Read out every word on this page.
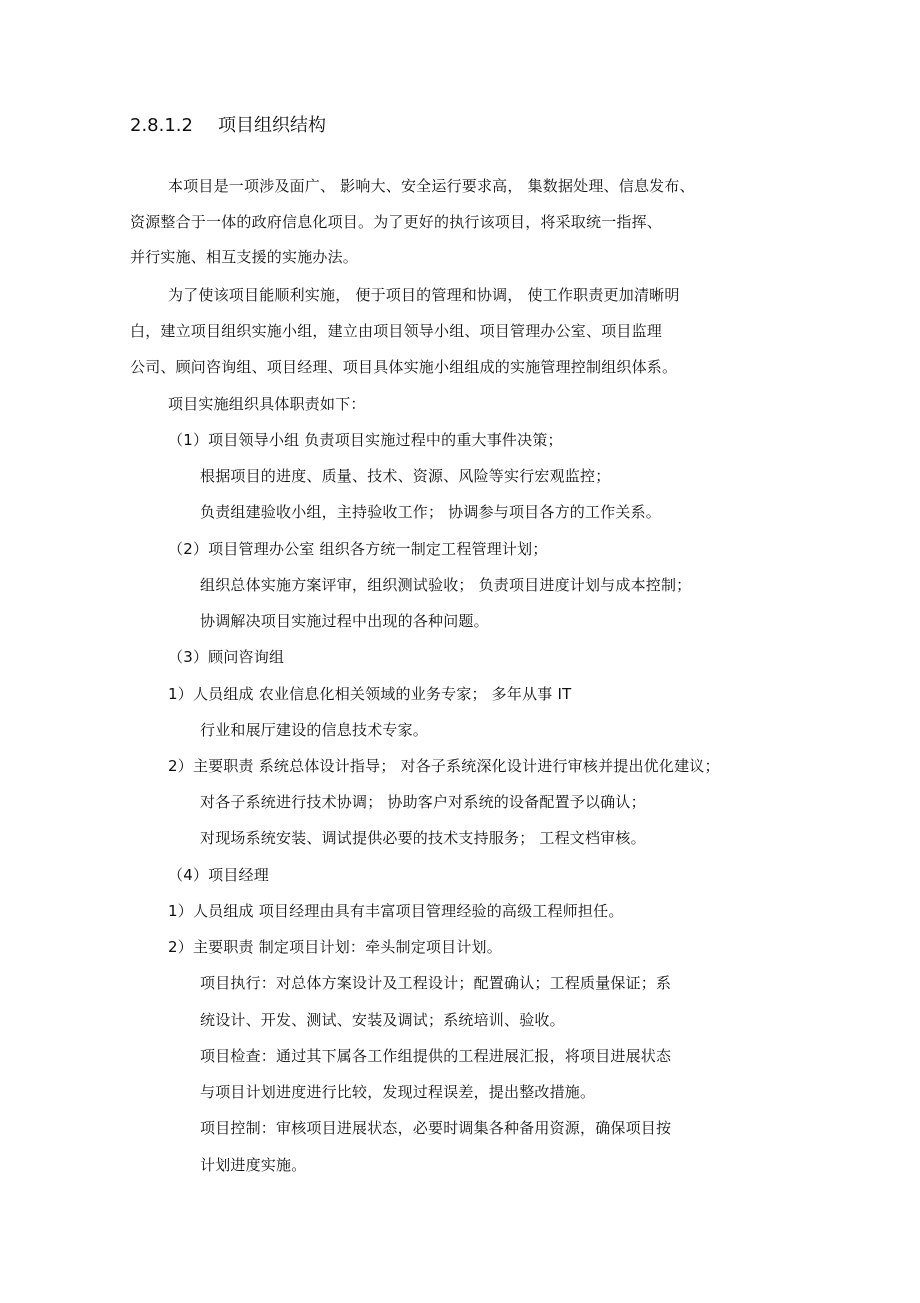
2.8.1.2 项目组织结构
本项目是一项涉及面广、 影响大、安全运行要求高， 集数据处理、信息发布、
资源整合于一体的政府信息化项目。为了更好的执行该项目，将采取统一指挥、
并行实施、相互支援的实施办法。
为了使该项目能顺利实施， 便于项目的管理和协调， 使工作职责更加清晰明
白，建立项目组织实施小组，建立由项目领导小组、项目管理办公室、项目监理
公司、顾问咨询组、项目经理、项目具体实施小组组成的实施管理控制组织体系。
项目实施组织具体职责如下：
（1）项目领导小组 负责项目实施过程中的重大事件决策；
根据项目的进度、质量、技术、资源、风险等实行宏观监控；
负责组建验收小组，主持验收工作； 协调参与项目各方的工作关系。
（2）项目管理办公室 组织各方统一制定工程管理计划；
组织总体实施方案评审，组织测试验收； 负责项目进度计划与成本控制；
协调解决项目实施过程中出现的各种问题。
（3）顾问咨询组
1）人员组成 农业信息化相关领域的业务专家； 多年从事 IT
行业和展厅建设的信息技术专家。
2）主要职责 系统总体设计指导； 对各子系统深化设计进行审核并提出优化建议；
对各子系统进行技术协调； 协助客户对系统的设备配置予以确认；
对现场系统安装、调试提供必要的技术支持服务； 工程文档审核。
（4）项目经理
1）人员组成 项目经理由具有丰富项目管理经验的高级工程师担任。
2）主要职责 制定项目计划：牵头制定项目计划。
项目执行：对总体方案设计及工程设计；配置确认；工程质量保证；系
统设计、开发、测试、安装及调试；系统培训、验收。
项目检查：通过其下属各工作组提供的工程进展汇报，将项目进展状态
与项目计划进度进行比较，发现过程误差，提出整改措施。
项目控制：审核项目进展状态，必要时调集各种备用资源，确保项目按
计划进度实施。
